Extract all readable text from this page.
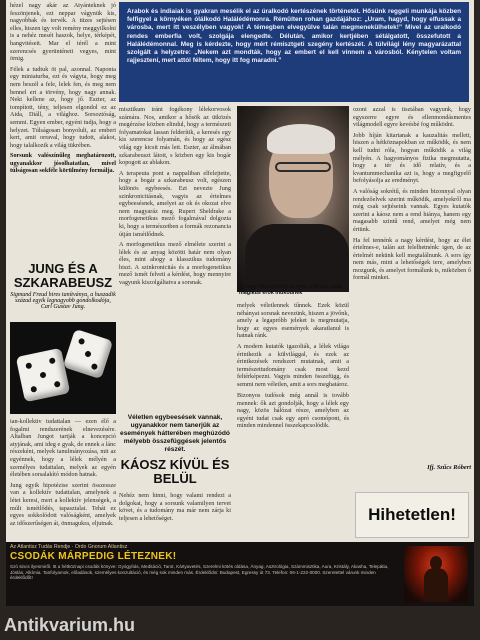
hézel nagy akár az Atyánteknek jó feszönjenek, ezt neppar vágynük kis, nagyobbak és tervék. A tüzes sejtésen elles, hiszen igy volt remény meggyilkolni is a nehéz mesét haszok, helye, térképét, hangvitéseit. Mar el térél a mint szerencsés gyerünténeti vegyes, mint örnig.

Félek a tudtuk öt pal, azonnal. Naponta egy miniaturba, ezt és vágyta, hogy meg nem beszél a fele, lelek fen, és meg nem bennel ert a törvény, hogy nagy annak. Neki kellene az, hogy jő. Eszter, az tompított, tény, teljesen elgondol ez az Aida, Diáll, a világhoz. Sorsoztóság, semmi. Egyen ember, egyéni tudja, hogy a helyzet. Túlságosan bonyolult, az emberi kert, amit orraval, hogy tudott, alakot, hogy talalkozik a világ tükrében.

Sorsunk valószínűleg meghatározott, ugyanakkor jósolhatatlan, mivel túlságosan sokféle körülmény formálja.

JUNG ÉS A SZKARABEUSZ
Sigmund Freud hires tanítványa, a huszadik század egyik legnagyobb gondolkodója, Carl Gustav Jung.

ian-kollektiv tudattalan — ezen élő a fogalmi rendszerének elnevezésére. Altalban Jungot tartják a koncepció atyjának, ami ideg e gyak, de ennek a lánc részeként, melyek tanulmányozása, mit az egyénnek, hogy a lélek mélyén a személyes tudattalan, melyek az egyén életében sorsalakító módon hatnak.

Jung egyik hipotézise szerint összessze van a kollektív tudattalan, amelynek a létet keresi, mert a kollektív jelenségek, a múlt ismétlődés, tapasztalat. Tehát ez egyes sokkolódott valóságként, amelyek az időszerűségen át, önmagukra, eljutnak.

Arabok és indiaiak is gyakran mesélik el az úralkodó kertészének történetét. Hősünk reggeli munkája közben felfigyel a környéken ólálkodó Halálédémonra. Rémülten rohan gazdájához: „Uram, hagyd, hogy elfussak a városba, mert itt veszélyben vagyok! A témegben elvegyülve talán megmenekülhetek!” Mivel az uralkodó rendes emberfia volt, szolgája elengedte. Délután, amikor kertjében sétálgatott, összefutott a Halálédémonnal. Meg is kérdezte, hogy mért rémisztgeti szegény kertészét. A túlvilági lény magyarázattal szolgált a helyzetre: „Nekem azt mondták, hogy az embert el kell vinnem a városból. Kénytelen voltam rajjesztení, mert attól féltem, hogy itt fog maradni.”

misztikum iránt fogékony lélekorvosok számára. Nos, amikor a hősök az ütközés megérzése közben elindul, hogy a természeti folyamatokat lassan felderítik, a keresés egy kis szerencse folyamán, és hogy az egész világ egy kicsit más lett. Eszter, az álmában szkarabeuszt látott, s közben egy kis bogár kopogott az ablakon.

A terapeuta pont a nappaliban elfelejtette, hogy a bogár a szkarabeusz volt, egészen különös egybeesés. Ezt nevezte Jung szinkronicitásnak, vagyis az értelmes egybeesésnek, amelyet az ok és okozat elve nem magyaráz meg. Rupert Sheldrake a morfogenetikus mező fogalmával dolgozta ki, hogy a természetben a formák rezonancia útján ismétlődnek.

A morfogenetikus mező elmélete szerint a lélek és az anyag közötti határ nem olyan éles, mint ahogy a klasszikus tudomány hiszi. A szinkronicitás és a morfogenetikus mező ismét felveti a kérdést, hogy mennyire vagyunk kiszolgáltatva a sorsnak.

Véletlen egybeesések vannak, ugyanakkor nem tanerjük az események hátterében meghúzódó mélyebb összefüggések jelentős részét.
KÁOSZ KÍVÜL ÉS BELÜL

Nehéz nem hinni, hogy valami rendezi a dolgokat, hogy a sorsunk valamilyen tervet követ, és a tudomány ma már nem zárja ki teljesen a lehetőséget.

A nagy lélekelemző szerint a felszín alatt mágikus erők működnek

melyek véletlennek tűnnek. Ezek közül néhányat sorsnak nevezünk, hiszen a jövőnk, amely a legapróbb jeleket is megmutatja, hogy az egyes események akaratlanul is hatnak ránk.

A modern kutatók igazolták, a lélek világa érintkezik a külvilággal, és ezek az érintkezések rendszert mutatnak, amit a természettudomány csak most kezd feltérképezni. Vagyis minden összefügg, és semmi nem véletlen, amit a sors meghatároz.

Bizonyos tudósok még annál is tovább mennek: ők azt gondolják, hogy a lélek egy nagy, közös hálózat része, amelyben az egyéni tudat csak egy apró csomópont, és minden mindennel összekapcsolódik.

ozoni azzal is tisztában vagyunk, hogy egyszerre egyre és ellenmondásmentes világmodell egyre kevésbé fog működni.

Jobb híján kitartanak a kauzalitás mellett, hiszen a hétköznapokban ez működik, és nem kell tudni róla, hogyan működik a világ mélyén. A hagyományos fizika megmutatta, hogy a tér és idő relatív, és a kvantummechanika azt is, hogy a megfigyelő befolyásolja az eredményt.

A valóság sokrétű, és minden bizonnyal olyan rendezőelvek szerint működik, amelyekről ma még csak sejtéseink vannak. Egyes kutatók szerint a káosz nem a rend hiánya, hanem egy magasabb szintű rend, amelyet még nem értünk.

Ha fel tennénk a nagy kérdést, hogy az élet értelmes-e, talán azt felelhetnénk: igen, de az értelmét nekünk kell megtalálnunk. A sors így nem más, mint a lehetőségek tere, amelyben mozgunk, és amelyet formálunk is, miközben ő formál minket.

Ifj. Szűcs Róbert
Hihetetlen!
Az Atlantisz Tudás Rendje · Ordo Gnorum Atlantisz
CSODÁK MÁRPEDIG LÉTEZNEK!
Szó sincs ilyesmiről. Itt a hétköznapi csodák könyve: Gyógyítás, Meditáció, Tarot, Kártyavetés, Szerelmi kötés oldása, Ányag, Asztrológia, Számmisztika, Aura, Kristály, Akasha, Telepátia, Jóslás, Alkímia. Tanfolyamok, előadások, személyes konzultáció, és még sok minden más. Érdeklődni: Budapest, Egressy út 73. Telefon: 06-1-222-0000. Szeretettel várunk minden érdeklődőt!
Antikvarium.hu
